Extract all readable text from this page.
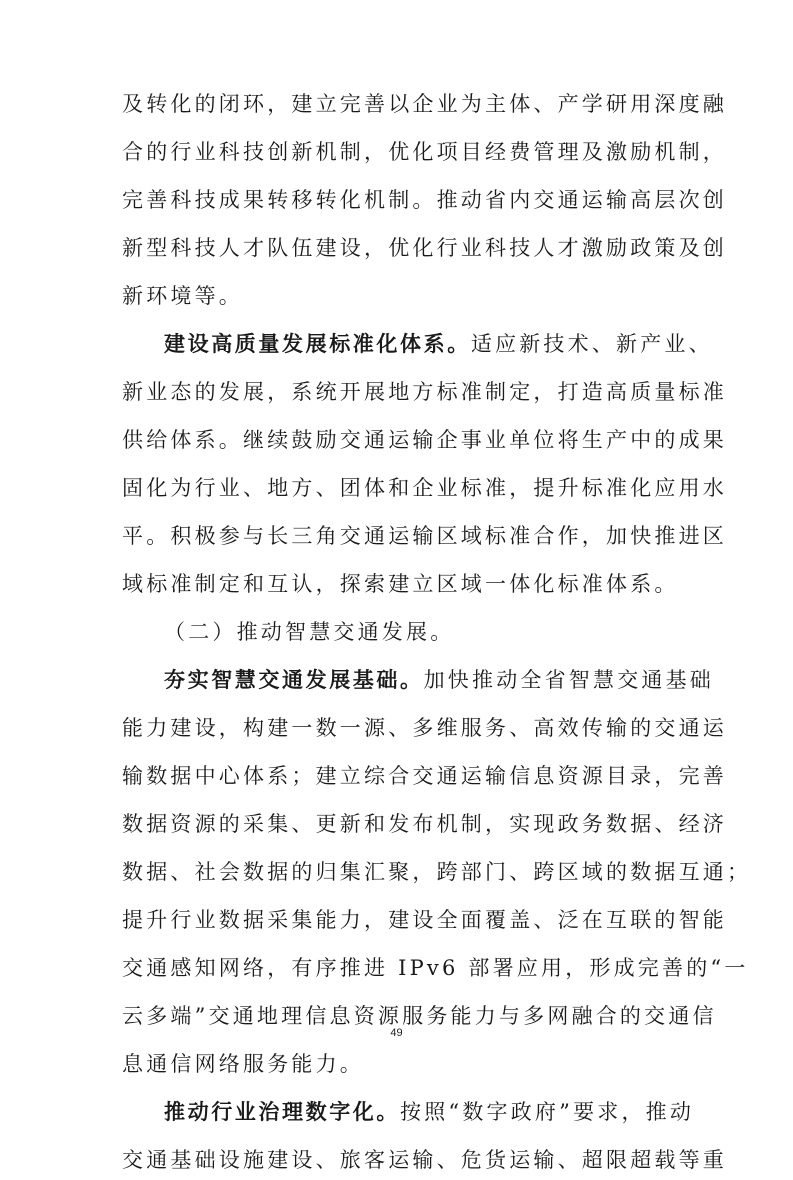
及转化的闭环，建立完善以企业为主体、产学研用深度融
合的行业科技创新机制，优化项目经费管理及激励机制，
完善科技成果转移转化机制。推动省内交通运输高层次创
新型科技人才队伍建设，优化行业科技人才激励政策及创
新环境等。
建设高质量发展标准化体系。适应新技术、新产业、
新业态的发展，系统开展地方标准制定，打造高质量标准
供给体系。继续鼓励交通运输企事业单位将生产中的成果
固化为行业、地方、团体和企业标准，提升标准化应用水
平。积极参与长三角交通运输区域标准合作，加快推进区
域标准制定和互认，探索建立区域一体化标准体系。
（二）推动智慧交通发展。
夯实智慧交通发展基础。加快推动全省智慧交通基础
能力建设，构建一数一源、多维服务、高效传输的交通运
输数据中心体系；建立综合交通运输信息资源目录，完善
数据资源的采集、更新和发布机制，实现政务数据、经济
数据、社会数据的归集汇聚，跨部门、跨区域的数据互通；
提升行业数据采集能力，建设全面覆盖、泛在互联的智能
交通感知网络，有序推进 IPv6 部署应用，形成完善的“一
云多端”交通地理信息资源服务能力与多网融合的交通信
息通信网络服务能力。
推动行业治理数字化。按照“数字政府”要求，推动
交通基础设施建设、旅客运输、危货运输、超限超载等重
49
